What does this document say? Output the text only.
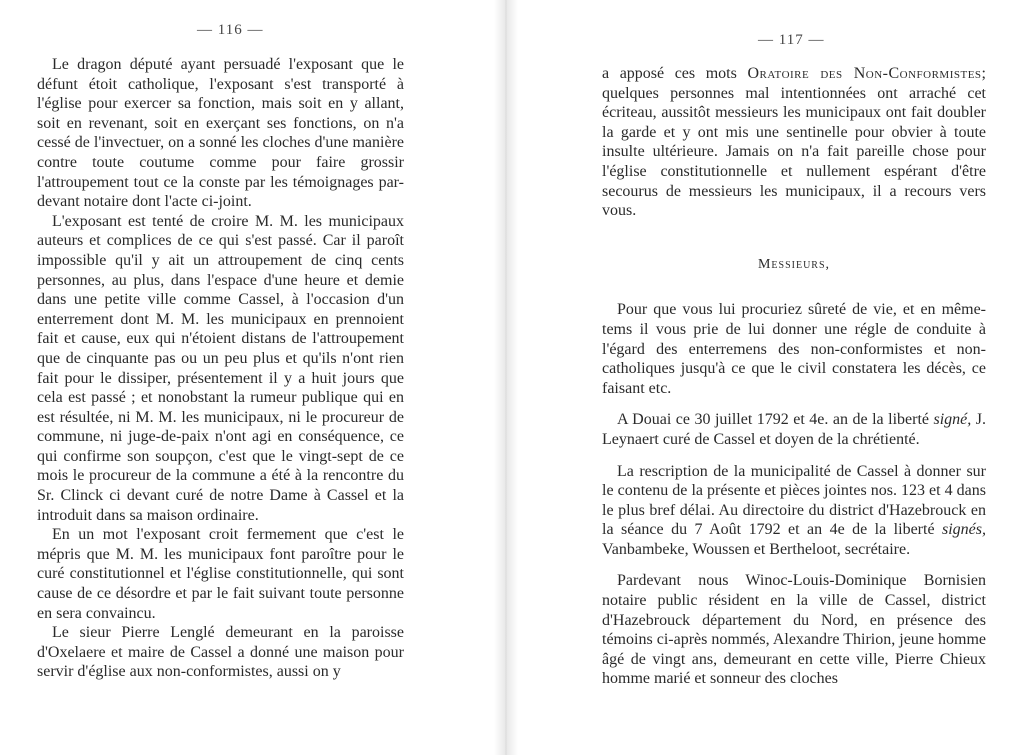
— 116 —

Le dragon député ayant persuadé l'exposant que le défunt étoit catholique, l'exposant s'est transporté à l'église pour exercer sa fonction, mais soit en y allant, soit en revenant, soit en exerçant ses fonctions, on n'a cessé de l'invectuer, on a sonné les cloches d'une manière contre toute coutume comme pour faire grossir l'attroupement tout ce la conste par les témoignages par-devant notaire dont l'acte ci-joint.

L'exposant est tenté de croire M. M. les municipaux auteurs et complices de ce qui s'est passé. Car il paroît impossible qu'il y ait un attroupement de cinq cents personnes, au plus, dans l'espace d'une heure et demie dans une petite ville comme Cassel, à l'occasion d'un enterrement dont M. M. les municipaux en prennoient fait et cause, eux qui n'étoient distans de l'attroupement que de cinquante pas ou un peu plus et qu'ils n'ont rien fait pour le dissiper, présentement il y a huit jours que cela est passé ; et nonobstant la rumeur publique qui en est résultée, ni M. M. les municipaux, ni le procureur de commune, ni juge-de-paix n'ont agi en conséquence, ce qui confirme son soupçon, c'est que le vingt-sept de ce mois le procureur de la commune a été à la rencontre du Sr. Clinck ci devant curé de notre Dame à Cassel et la introduit dans sa maison ordinaire.

En un mot l'exposant croit fermement que c'est le mépris que M. M. les municipaux font paroître pour le curé constitutionnel et l'église constitutionnelle, qui sont cause de ce désordre et par le fait suivant toute personne en sera convaincu.

Le sieur Pierre Lenglé demeurant en la paroisse d'Oxelaere et maire de Cassel a donné une maison pour servir d'église aux non-conformistes, aussi on y

— 117 —

a apposé ces mots Oratoire des Non-Conformistes; quelques personnes mal intentionnées ont arraché cet écriteau, aussitôt messieurs les municipaux ont fait doubler la garde et y ont mis une sentinelle pour obvier à toute insulte ultérieure. Jamais on n'a fait pareille chose pour l'église constitutionnelle et nullement espérant d'être secourus de messieurs les municipaux, il a recours vers vous.

Messieurs,

Pour que vous lui procuriez sûreté de vie, et en même-tems il vous prie de lui donner une régle de conduite à l'égard des enterremens des non-conformistes et non-catholiques jusqu'à ce que le civil constatera les décès, ce faisant etc.

A Douai ce 30 juillet 1792 et 4e. an de la liberté signé, J. Leynaert curé de Cassel et doyen de la chrétienté.

La rescription de la municipalité de Cassel à donner sur le contenu de la présente et pièces jointes nos. 123 et 4 dans le plus bref délai. Au directoire du district d'Hazebrouck en la séance du 7 Août 1792 et an 4e de la liberté signés, Vanbambeke, Woussen et Bertheloot, secrétaire.

Pardevant nous Winoc-Louis-Dominique Bornisien notaire public résident en la ville de Cassel, district d'Hazebrouck département du Nord, en présence des témoins ci-après nommés, Alexandre Thirion, jeune homme âgé de vingt ans, demeurant en cette ville, Pierre Chieux homme marié et sonneur des cloches
